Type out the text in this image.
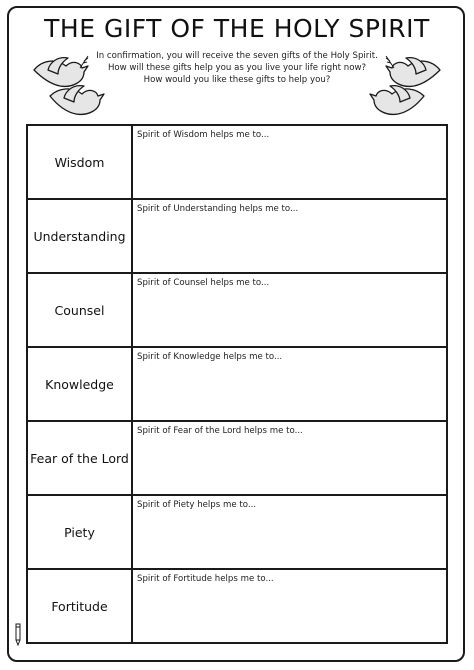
THE GIFT OF THE HOLY SPIRIT
In confirmation, you will receive the seven gifts of the Holy Spirit.
How will these gifts help you as you live your life right now?
How would you like these gifts to help you?
Wisdom
Spirit of Wisdom helps me to...
Understanding
Spirit of Understanding helps me to...
Counsel
Spirit of Counsel helps me to...
Knowledge
Spirit of Knowledge helps me to...
Fear of the Lord
Spirit of Fear of the Lord helps me to...
Piety
Spirit of Piety helps me to...
Fortitude
Spirit of Fortitude helps me to...
